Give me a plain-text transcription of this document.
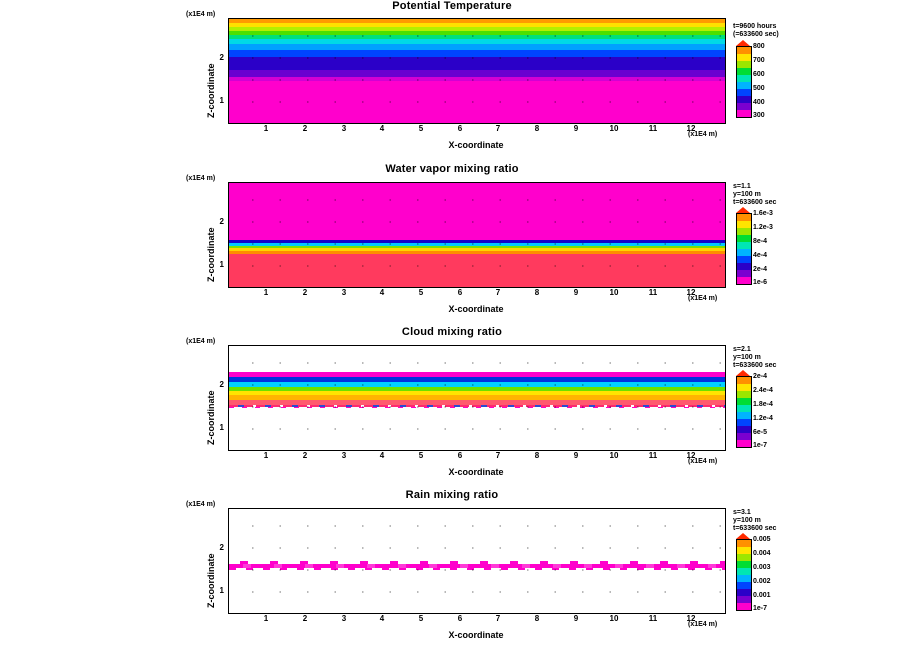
Potential Temperature
(x1E4 m)
Z-coordinate
1	2	3	4	5	6	7	8	9	10	11	12
1
2
(x1E4 m)
X-coordinate
t=9600 hours
(=633600 sec)
800
700
600
500
400
300
Water vapor mixing ratio
(x1E4 m)
Z-coordinate
1	2	3	4	5	6	7	8	9	10	11	12
1
2
(x1E4 m)
X-coordinate
s=1.1
y=100 m
t=633600 sec
1.6e-3
1.2e-3
8e-4
4e-4
2e-4
1e-6
Cloud mixing ratio
(x1E4 m)
Z-coordinate
1	2	3	4	5	6	7	8	9	10	11	12
1
2
(x1E4 m)
X-coordinate
s=2.1
y=100 m
t=633600 sec
2e-4
2.4e-4
1.8e-4
1.2e-4
6e-5
1e-7
Rain mixing ratio
(x1E4 m)
Z-coordinate
1	2	3	4	5	6	7	8	9	10	11	12
1
2
(x1E4 m)
X-coordinate
s=3.1
y=100 m
t=633600 sec
0.005
0.004
0.003
0.002
0.001
1e-7
